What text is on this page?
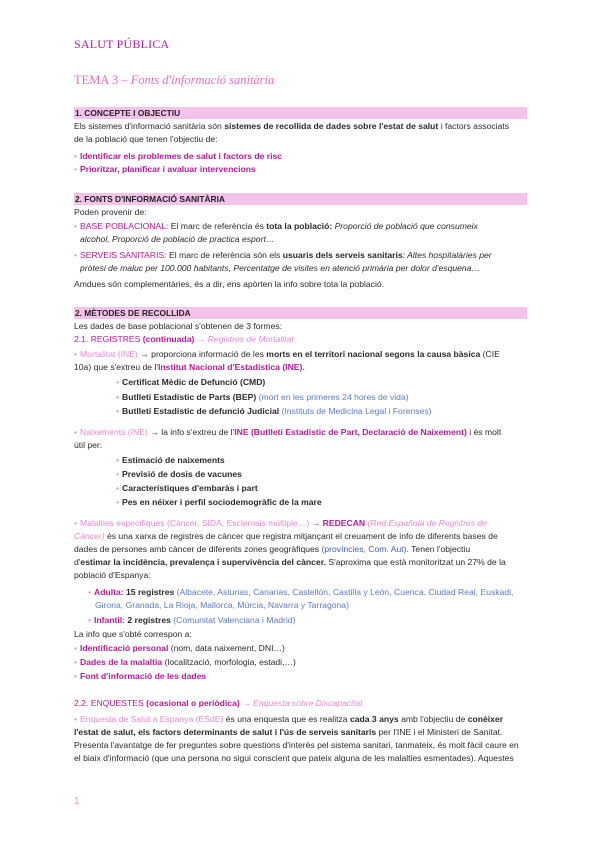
SALUT PÚBLICA
TEMA 3 – Fonts d'informació sanitària
1. CONCEPTE I OBJECTIU
Els sistemes d'informació sanitària són sistemes de recollida de dades sobre l'estat de salut i factors associats
de la població que tenen l'objectiu de:
• Identificar els problemes de salut i factors de risc
• Prioritzar, planificar i avaluar intervencions
2. FONTS D'INFORMACIÓ SANITÀRIA
Poden provenir de:
• BASE POBLACIONAL: El marc de referència és tota la població: Proporció de població que consumeix
alcohol, Proporció de població de practica esport…
• SERVEIS SANITARIS: El marc de referència són els usuaris dels serveis sanitaris: Altes hospitalàries per
pròtesi de maluc per 100.000 habitants, Percentatge de visites en atenció primària per dolor d'esquena…
Amdues són complementàries, és a dir, ens apòrten la info sobre tota la població.
2. MÈTODES DE RECOLLIDA
Les dades de base poblacional s'obtenen de 3 formes:
2.1. REGISTRES (continuada) → Registres de Mortalitat
• Mortalitat (INE) → proporciona informació de les morts en el territori nacional segons la causa bàsica (CIE
10a) que s'extreu de l'Institut Nacional d'Estadística (INE).
• Certificat Mèdic de Defunció (CMD)
• Butlletí Estadístic de Parts (BEP) (mort en les primeres 24 hores de vida)
• Butlletí Estadístic de defunció Judicial (Instituts de Medicina Legal i Forenses)
• Naixements (INE) → la info s'extreu de l'INE (Butlletí Estadístic de Part, Declaració de Naixement) i és molt
útil per:
• Estimació de naixements
• Previsió de dosis de vacunes
• Característiques d'embaràs i part
• Pes en néixer i perfil sociodemogràfic de la mare
• Malalties específiques (Càncer, SIDA, Esclerosis múltiple…) → REDECAN (Red Española de Registros de
Cáncer) és una xarxa de registres de càncer que registra mitjançant el creuament de info de diferents bases de
dades de persones amb càncer de diferents zones geogràfiques (províncies, Com. Aut). Tenen l'objectiu
d'estimar la incidència, prevalença i supervivència del càncer. S'aproxima que està monitoritzat un 27% de la
població d'Espanya:
• Adulta: 15 registres (Albacete, Asturias, Canarias, Castellón, Castilla y León, Cuenca, Ciudad Real, Euskadi,
Girona, Granada, La Rioja, Mallorca, Múrcia, Navarra y Tarragona)
• Infantil: 2 registres (Comunitat Valenciana i Madrid)
La info que s'obté correspon a:
• Identificació personal (nom, data naixement, DNI…)
• Dades de la malaltia (localització, morfologia, estadi,…)
• Font d'informació de les dades
2.2. ENQUESTES (ocasional o periòdica) → Enquesta sobre Discapacitat
• Enquesta de Salut a Espanya (ESdE) és una enquesta que es realitza cada 3 anys amb l'objectiu de conèixer
l'estat de salut, els factors determinants de salut i l'ús de serveis sanitaris per l'INE i el Ministeri de Sanitat.
Presenta l'avantatge de fer preguntes sobre questions d'interès pel sistema sanitari, tanmateix, és molt fàcil caure en
el biaix d'informació (que una persona no sigui conscient que pateix alguna de les malalties esmentades). Aquestes
1
